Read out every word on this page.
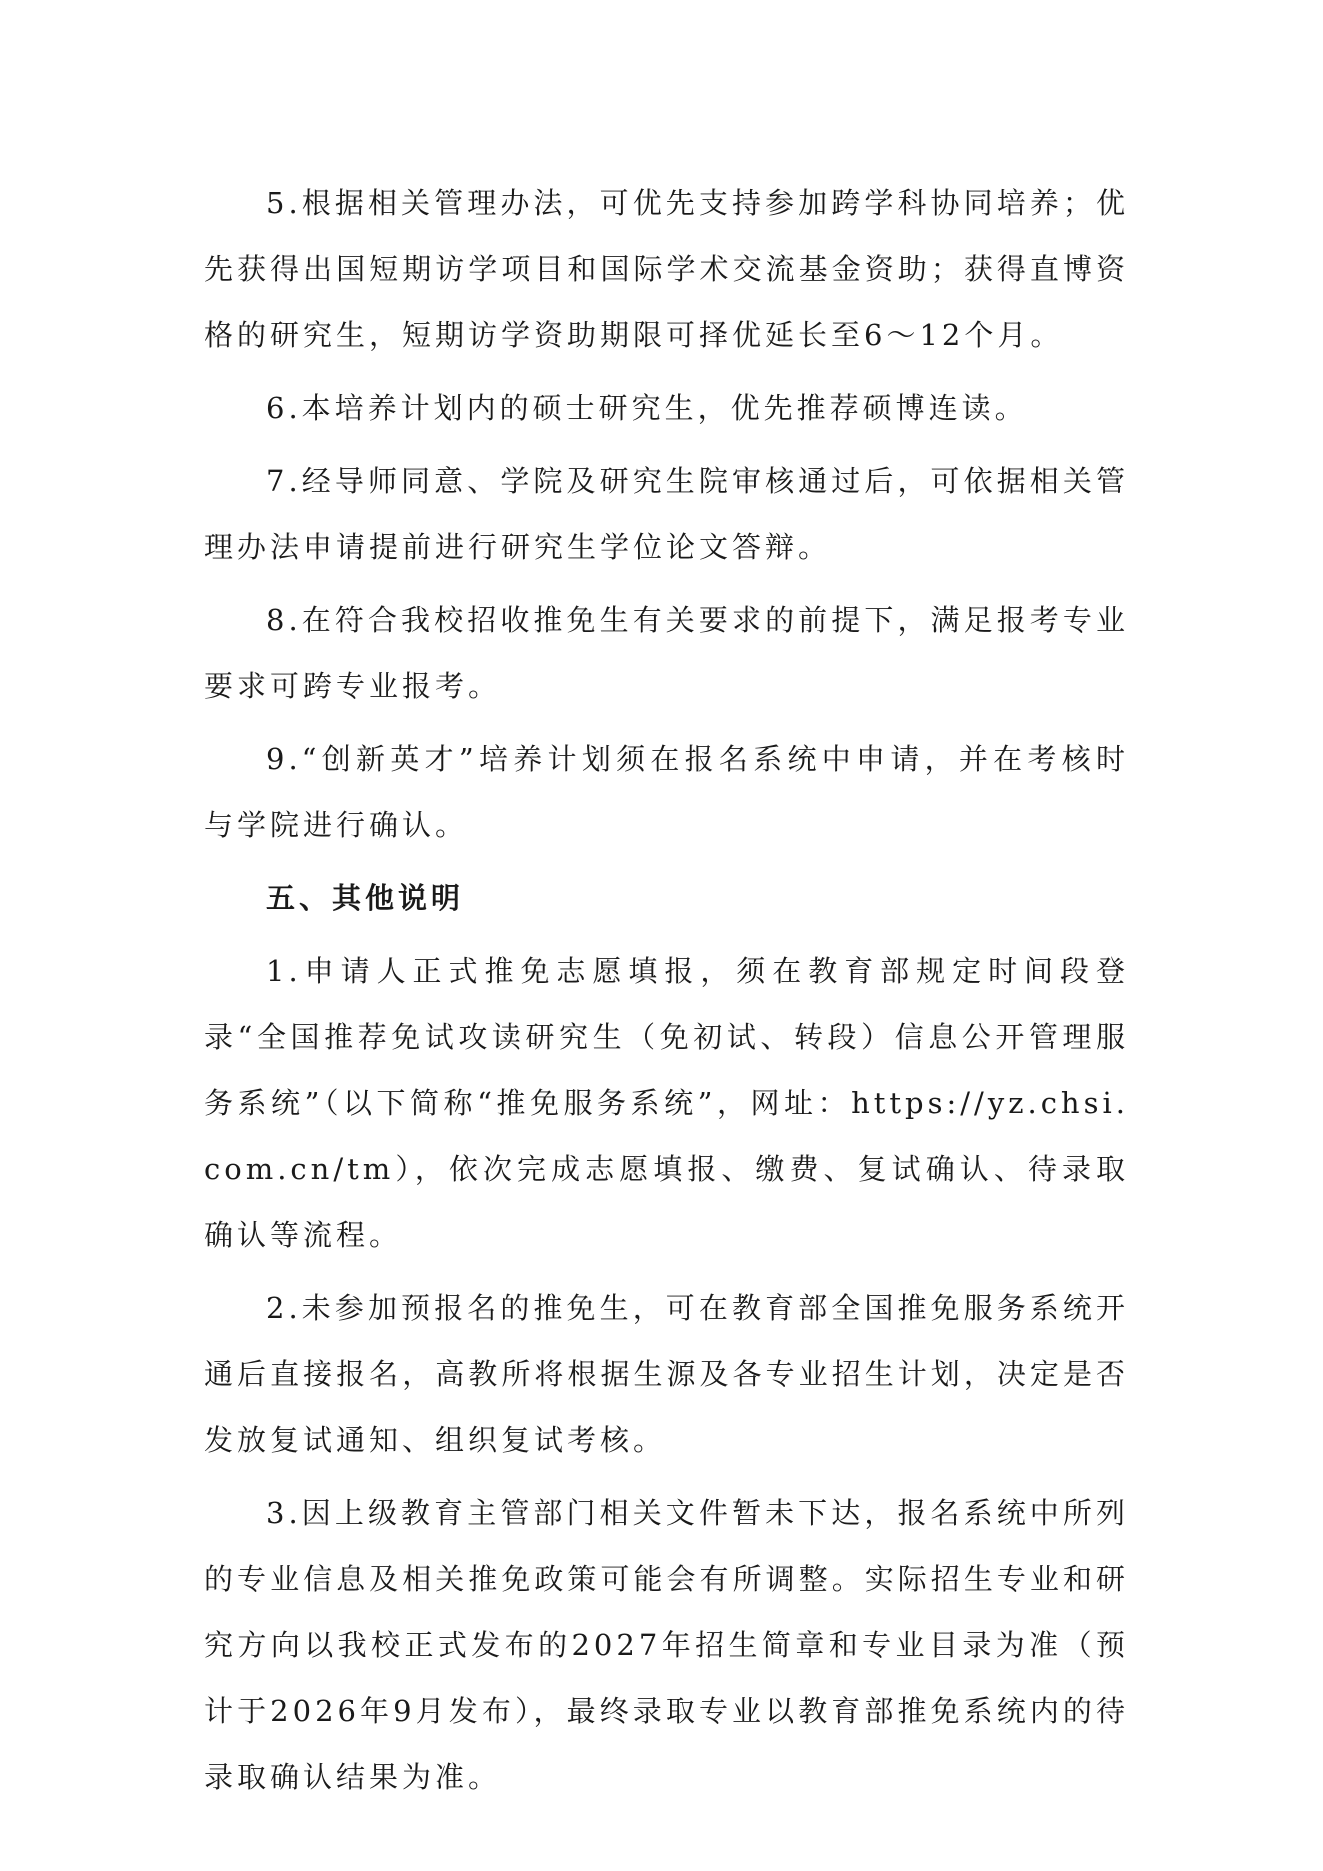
5.根据相关管理办法，可优先支持参加跨学科协同培养；优先获得出国短期访学项目和国际学术交流基金资助；获得直博资格的研究生，短期访学资助期限可择优延长至6～12个月。

6.本培养计划内的硕士研究生，优先推荐硕博连读。

7.经导师同意、学院及研究生院审核通过后，可依据相关管理办法申请提前进行研究生学位论文答辩。

8.在符合我校招收推免生有关要求的前提下，满足报考专业要求可跨专业报考。

9.“创新英才”培养计划须在报名系统中申请，并在考核时与学院进行确认。

五、其他说明

1.申请人正式推免志愿填报，须在教育部规定时间段登录“全国推荐免试攻读研究生（免初试、转段）信息公开管理服务系统”（以下简称“推免服务系统”，网址：https://yz.chsi.com.cn/tm），依次完成志愿填报、缴费、复试确认、待录取确认等流程。

2.未参加预报名的推免生，可在教育部全国推免服务系统开通后直接报名，高教所将根据生源及各专业招生计划，决定是否发放复试通知、组织复试考核。

3.因上级教育主管部门相关文件暂未下达，报名系统中所列的专业信息及相关推免政策可能会有所调整。实际招生专业和研究方向以我校正式发布的2027年招生简章和专业目录为准（预计于2026年9月发布），最终录取专业以教育部推免系统内的待录取确认结果为准。
